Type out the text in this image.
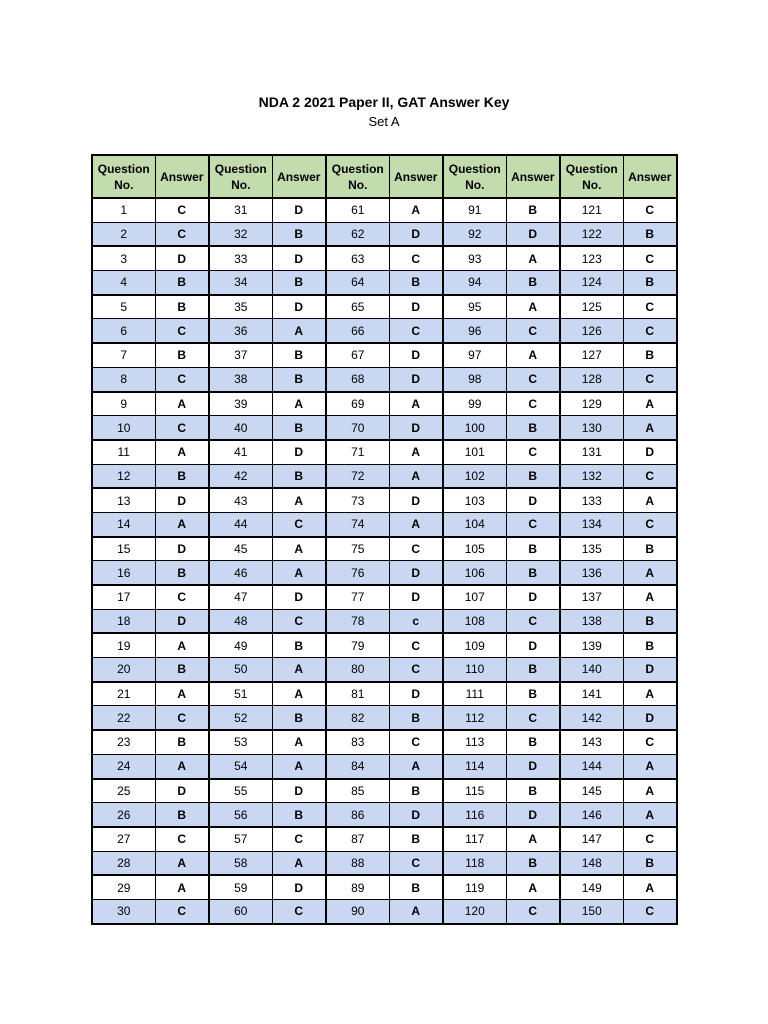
NDA 2 2021 Paper II, GAT Answer Key
Set A
Question No.	Answer	Question No.	Answer	Question No.	Answer	Question No.	Answer	Question No.	Answer
1	C	31	D	61	A	91	B	121	C
2	C	32	B	62	D	92	D	122	B
3	D	33	D	63	C	93	A	123	C
4	B	34	B	64	B	94	B	124	B
5	B	35	D	65	D	95	A	125	C
6	C	36	A	66	C	96	C	126	C
7	B	37	B	67	D	97	A	127	B
8	C	38	B	68	D	98	C	128	C
9	A	39	A	69	A	99	C	129	A
10	C	40	B	70	D	100	B	130	A
11	A	41	D	71	A	101	C	131	D
12	B	42	B	72	A	102	B	132	C
13	D	43	A	73	D	103	D	133	A
14	A	44	C	74	A	104	C	134	C
15	D	45	A	75	C	105	B	135	B
16	B	46	A	76	D	106	B	136	A
17	C	47	D	77	D	107	D	137	A
18	D	48	C	78	c	108	C	138	B
19	A	49	B	79	C	109	D	139	B
20	B	50	A	80	C	110	B	140	D
21	A	51	A	81	D	111	B	141	A
22	C	52	B	82	B	112	C	142	D
23	B	53	A	83	C	113	B	143	C
24	A	54	A	84	A	114	D	144	A
25	D	55	D	85	B	115	B	145	A
26	B	56	B	86	D	116	D	146	A
27	C	57	C	87	B	117	A	147	C
28	A	58	A	88	C	118	B	148	B
29	A	59	D	89	B	119	A	149	A
30	C	60	C	90	A	120	C	150	C
